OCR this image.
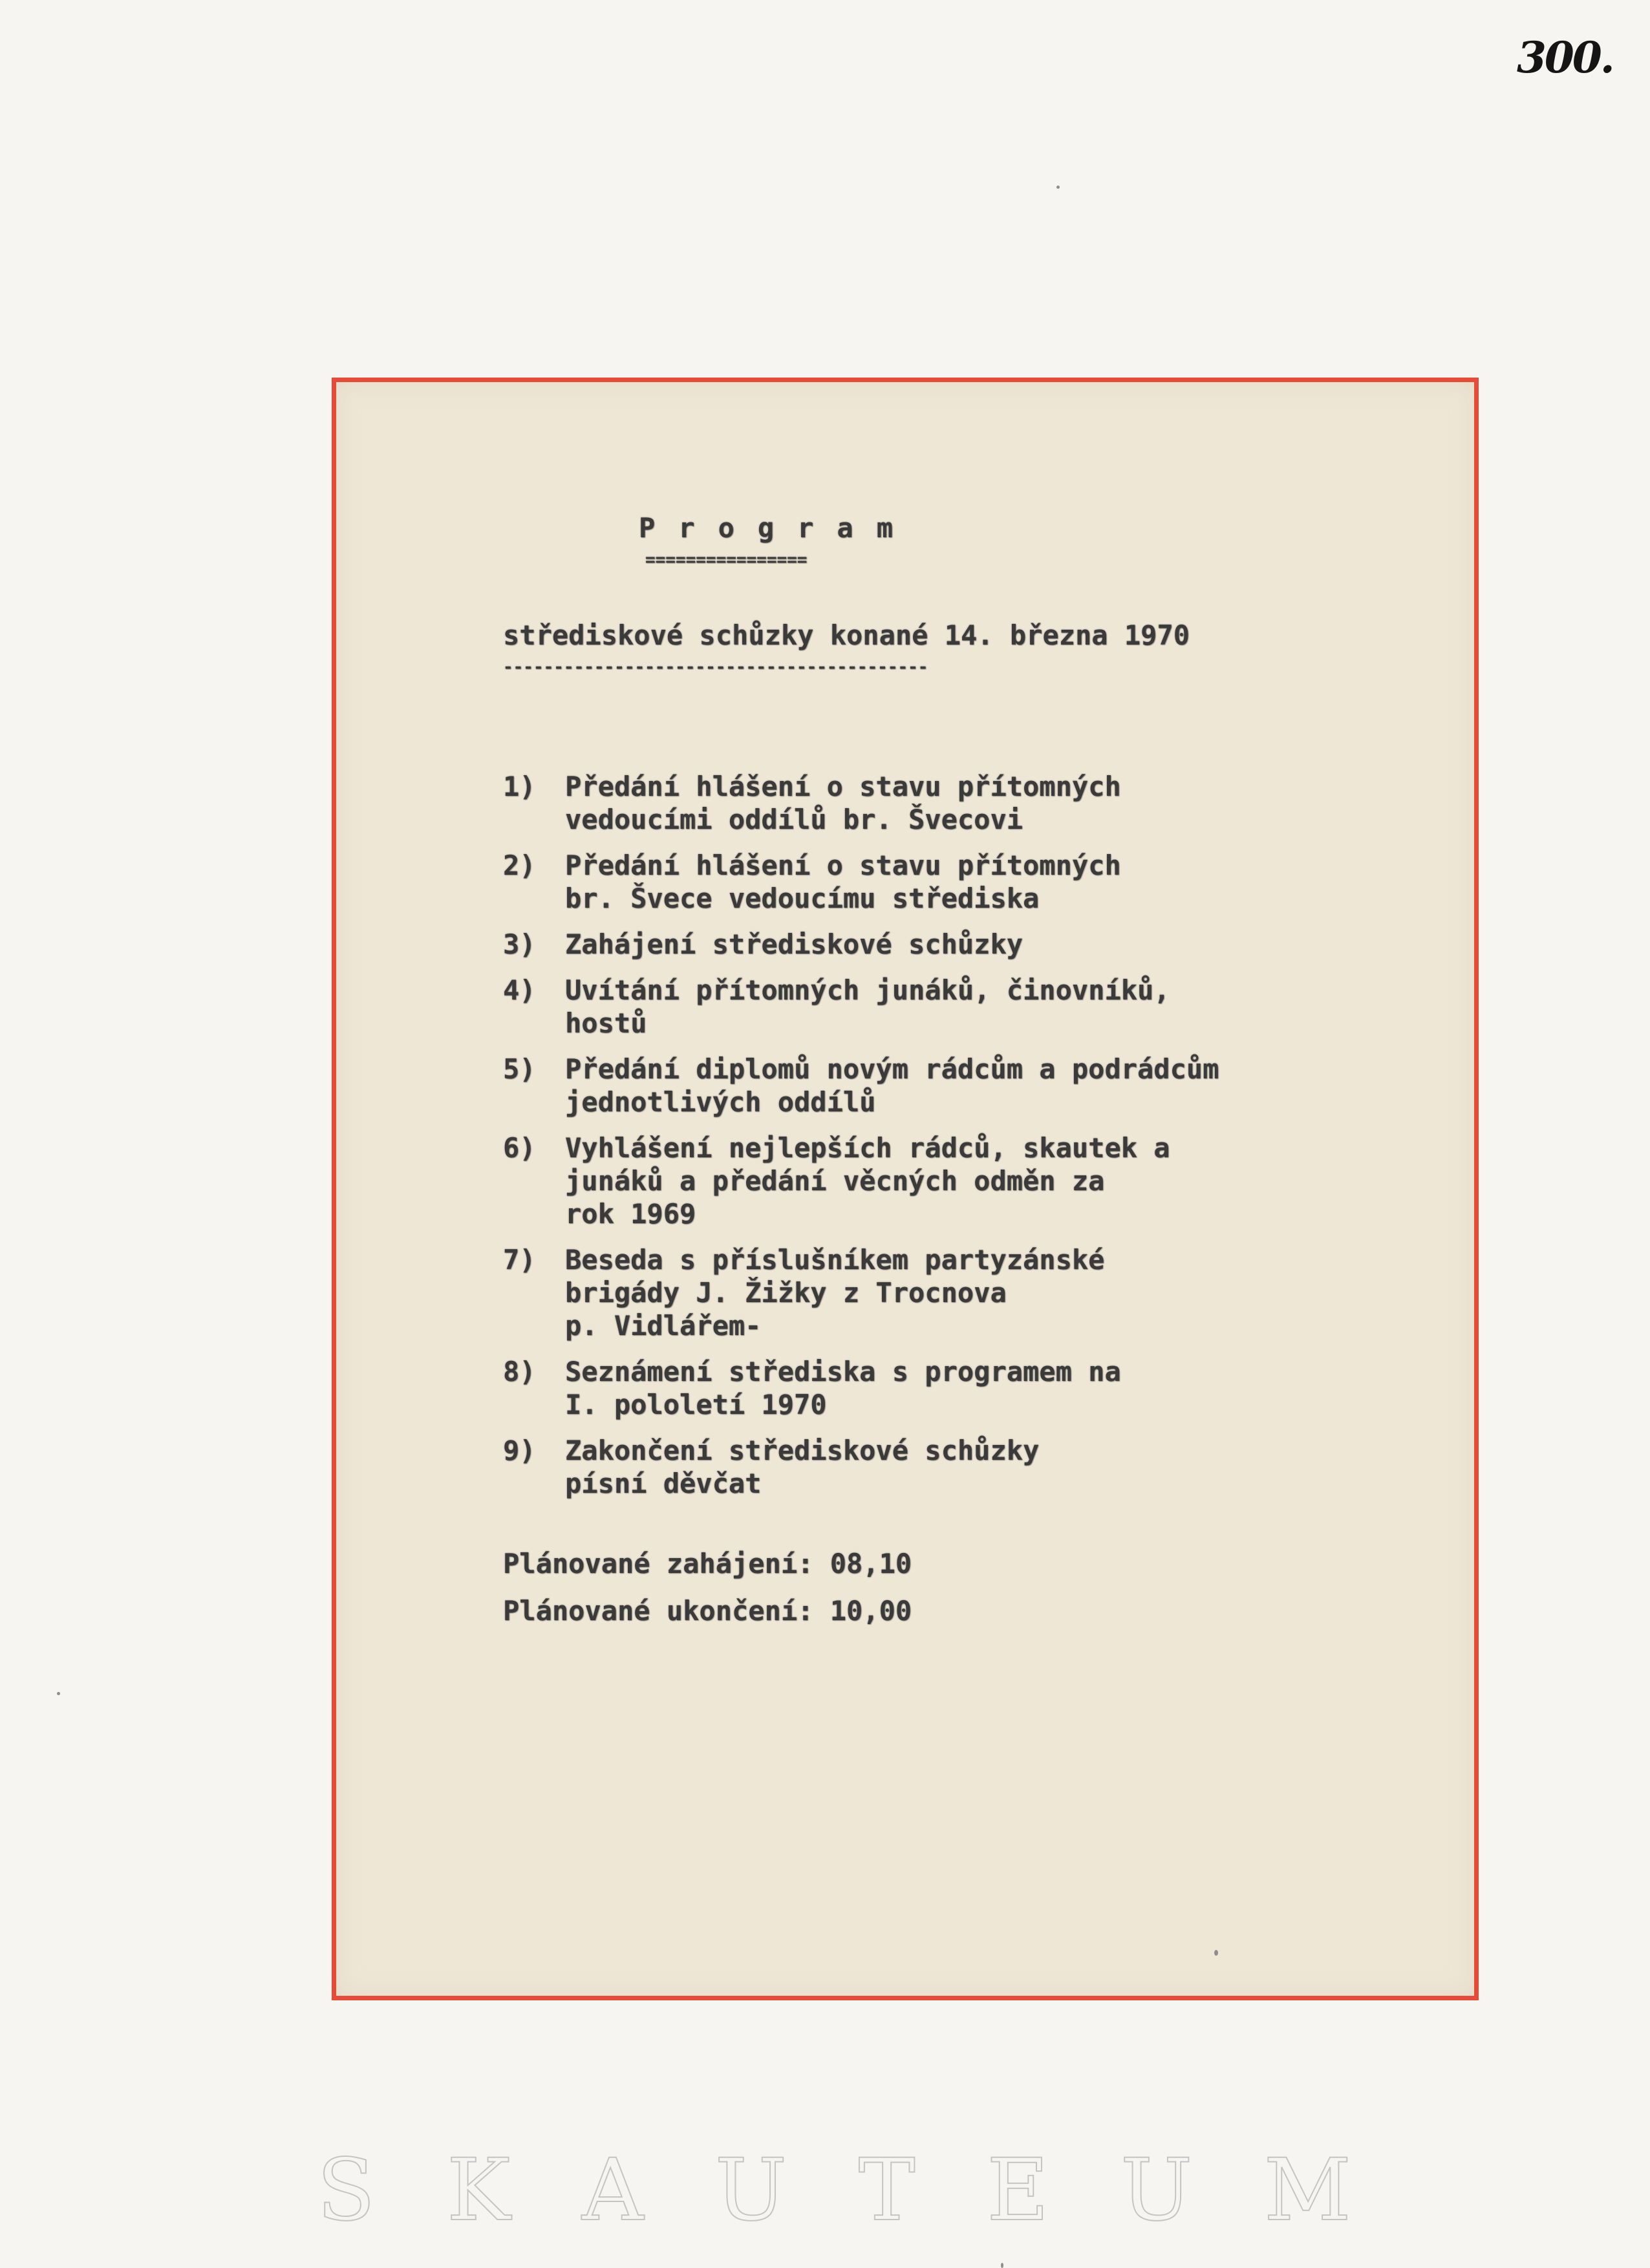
300.
Program
================
střediskové schůzky konané 14. března 1970
------------------------------------------
1)	Předání hlášení o stavu přítomných
vedoucími oddílů br. Švecovi
2)	Předání hlášení o stavu přítomných
br. Švece vedoucímu střediska
3)	Zahájení střediskové schůzky
4)	Uvítání přítomných junáků, činovníků,
hostů
5)	Předání diplomů novým rádcům a podrádcům
jednotlivých oddílů
6)	Vyhlášení nejlepších rádců, skautek a
junáků a předání věcných odměn za
rok 1969
7)	Beseda s příslušníkem partyzánské
brigády J. Žižky z Trocnova
p. Vidlářem-
8)	Seznámení střediska s programem na
I. pololetí 1970
9)	Zakončení střediskové schůzky
písní děvčat
Plánované zahájení: 08,10
Plánované ukončení: 10,00
S K A U T E U M
